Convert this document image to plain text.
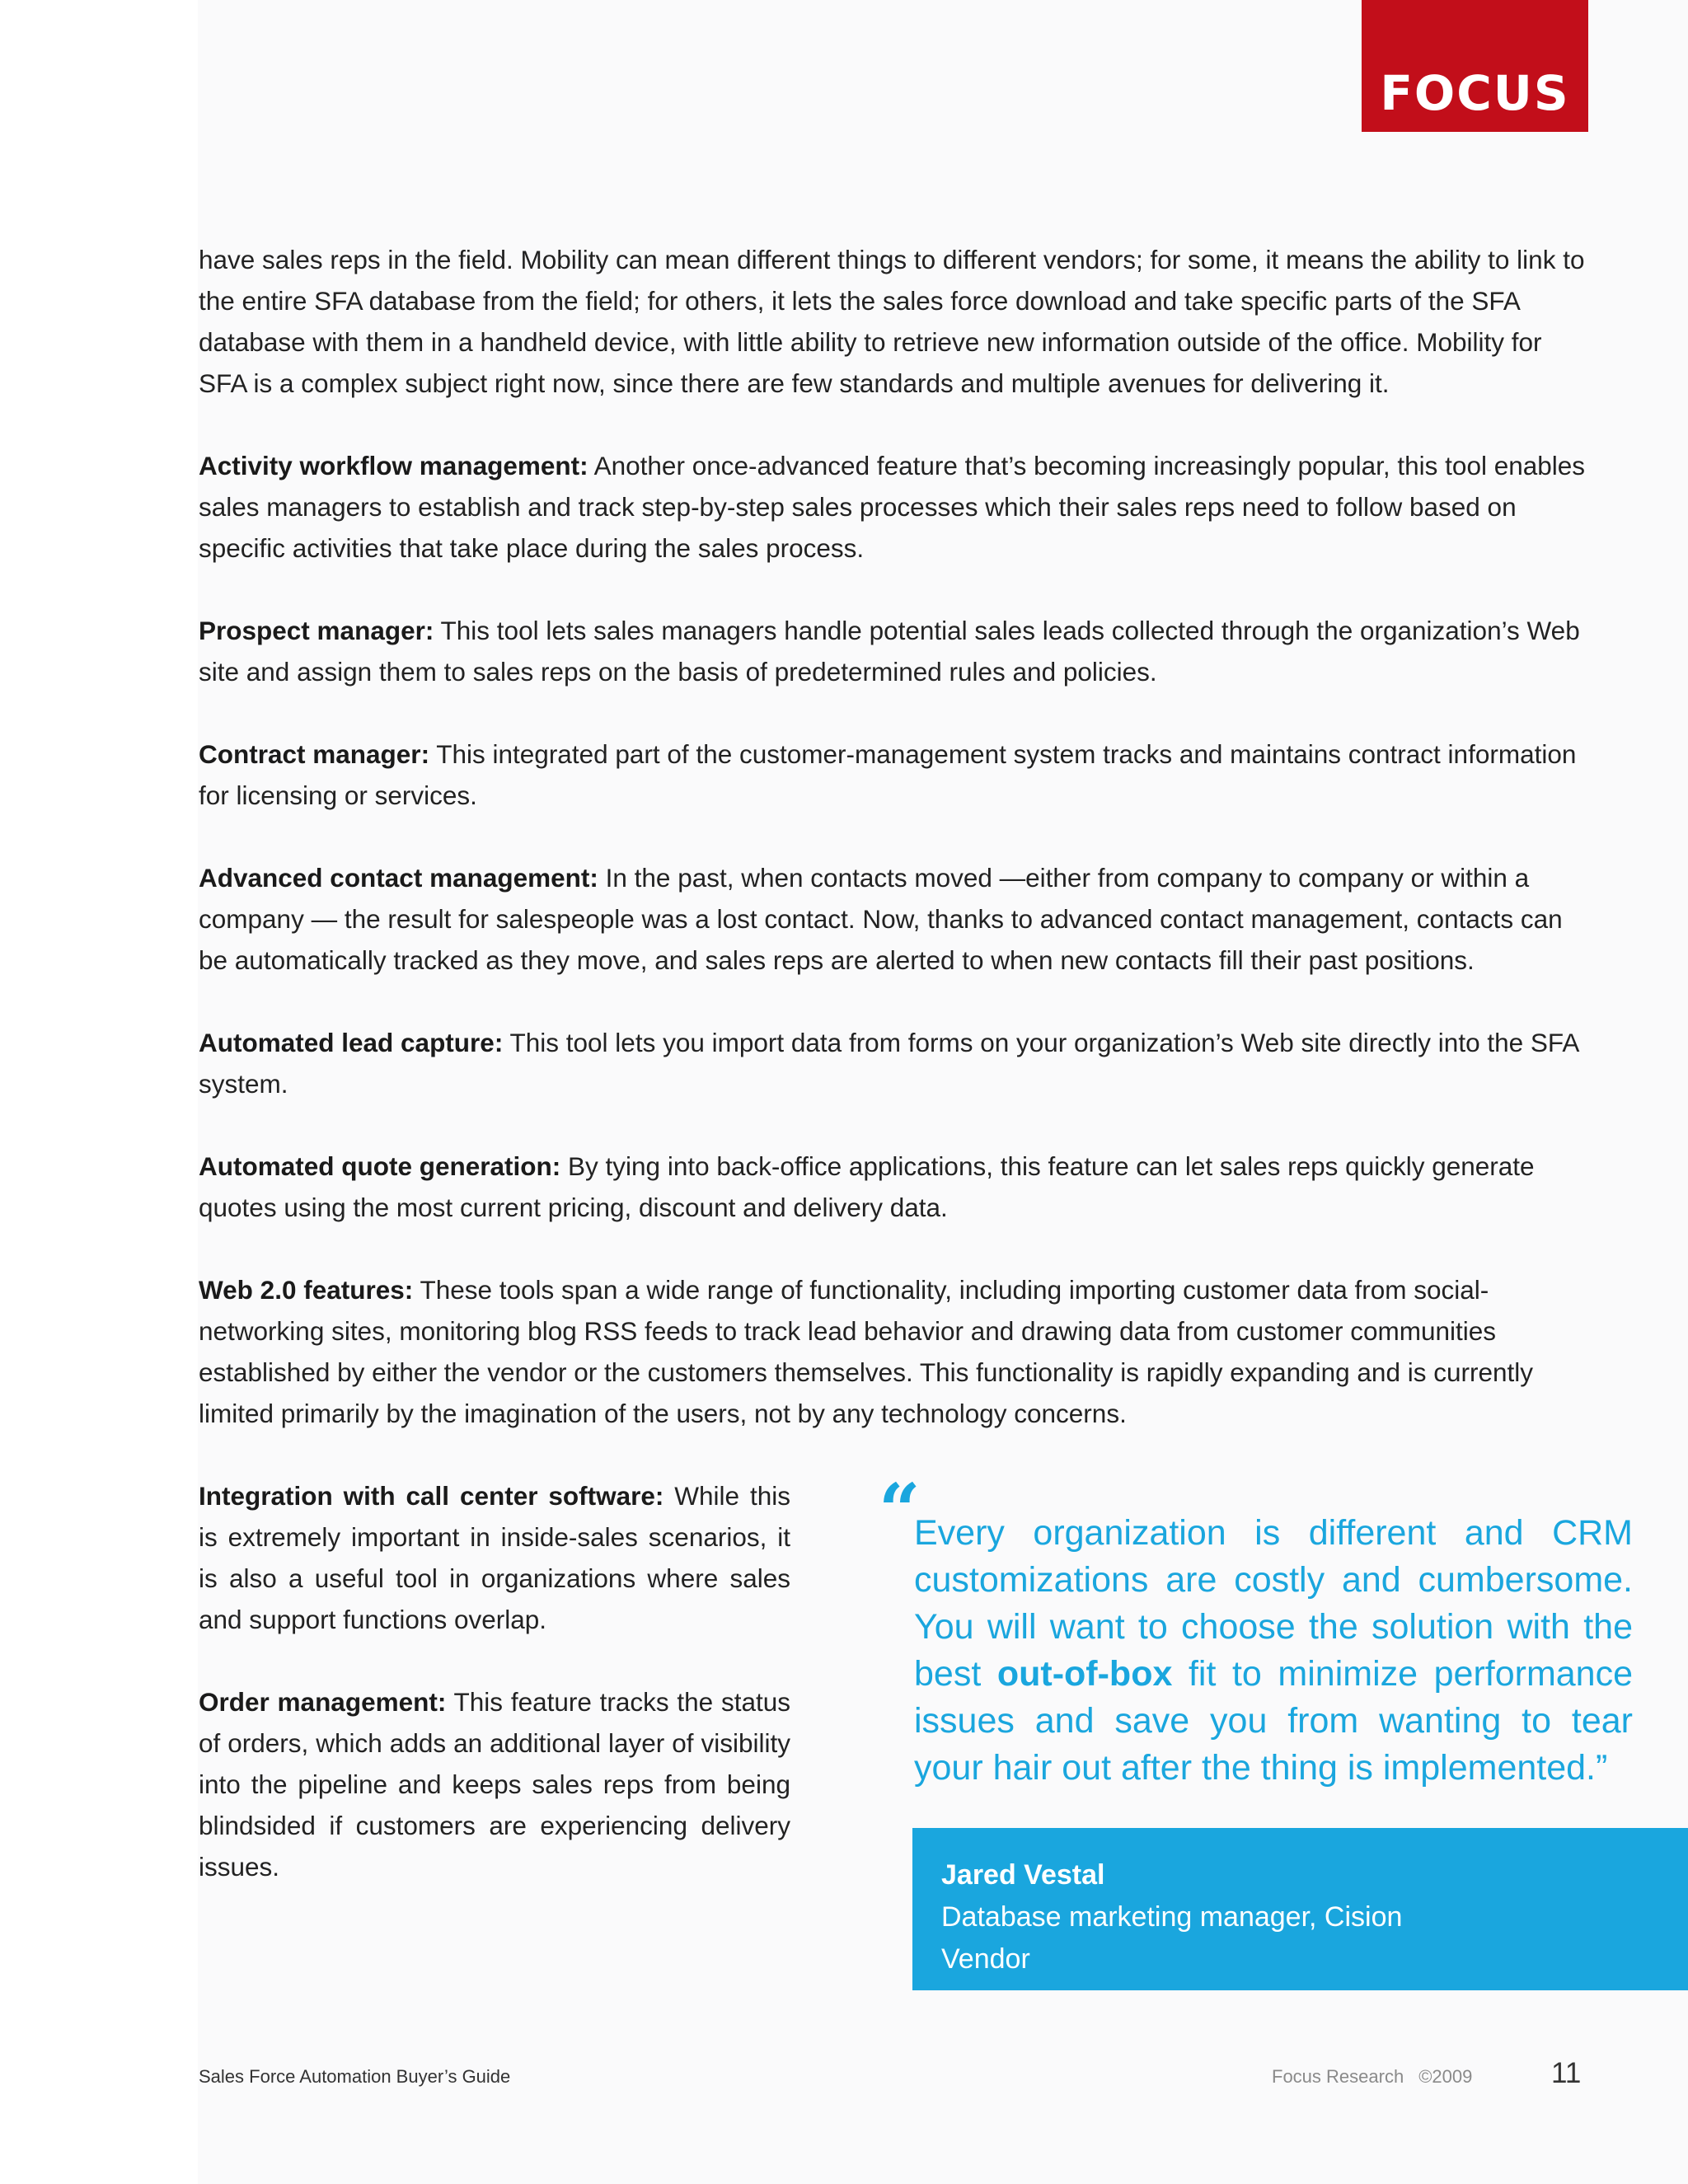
FOCUS

have sales reps in the field. Mobility can mean different things to different vendors; for some, it means the ability to link to the entire SFA database from the field; for others, it lets the sales force download and take specific parts of the SFA database with them in a handheld device, with little ability to retrieve new information outside of the office. Mobility for SFA is a complex subject right now, since there are few standards and multiple avenues for delivering it.

Activity workflow management: Another once-advanced feature that’s becoming increasingly popular, this tool enables sales managers to establish and track step-by-step sales processes which their sales reps need to follow based on specific activities that take place during the sales process.

Prospect manager: This tool lets sales managers handle potential sales leads collected through the organization’s Web site and assign them to sales reps on the basis of predetermined rules and policies.

Contract manager: This integrated part of the customer-management system tracks and maintains contract information for licensing or services.

Advanced contact management: In the past, when contacts moved —either from company to company or within a company — the result for salespeople was a lost contact. Now, thanks to advanced contact management, contacts can be automatically tracked as they move, and sales reps are alerted to when new contacts fill their past positions.

Automated lead capture: This tool lets you import data from forms on your organization’s Web site directly into the SFA system.

Automated quote generation: By tying into back-office applications, this feature can let sales reps quickly generate quotes using the most current pricing, discount and delivery data.

Web 2.0 features: These tools span a wide range of functionality, including importing customer data from social-networking sites, monitoring blog RSS feeds to track lead behavior and drawing data from customer communities established by either the vendor or the customers themselves. This functionality is rapidly expanding and is currently limited primarily by the imagination of the users, not by any technology concerns.

Integration with call center software: While this is extremely important in inside-sales scenarios, it is also a useful tool in organizations where sales and support functions overlap.

Order management: This feature tracks the status of orders, which adds an additional layer of visibility into the pipeline and keeps sales reps from being blindsided if customers are experiencing delivery issues.

“
Every organization is different and CRM customizations are costly and cumbersome. You will want to choose the solution with the best out-of-box fit to minimize performance issues and save you from wanting to tear your hair out after the thing is implemented.”
Jared Vestal
Database marketing manager, Cision
Vendor
Sales Force Automation Buyer’s Guide	Focus Research ©2009	11
